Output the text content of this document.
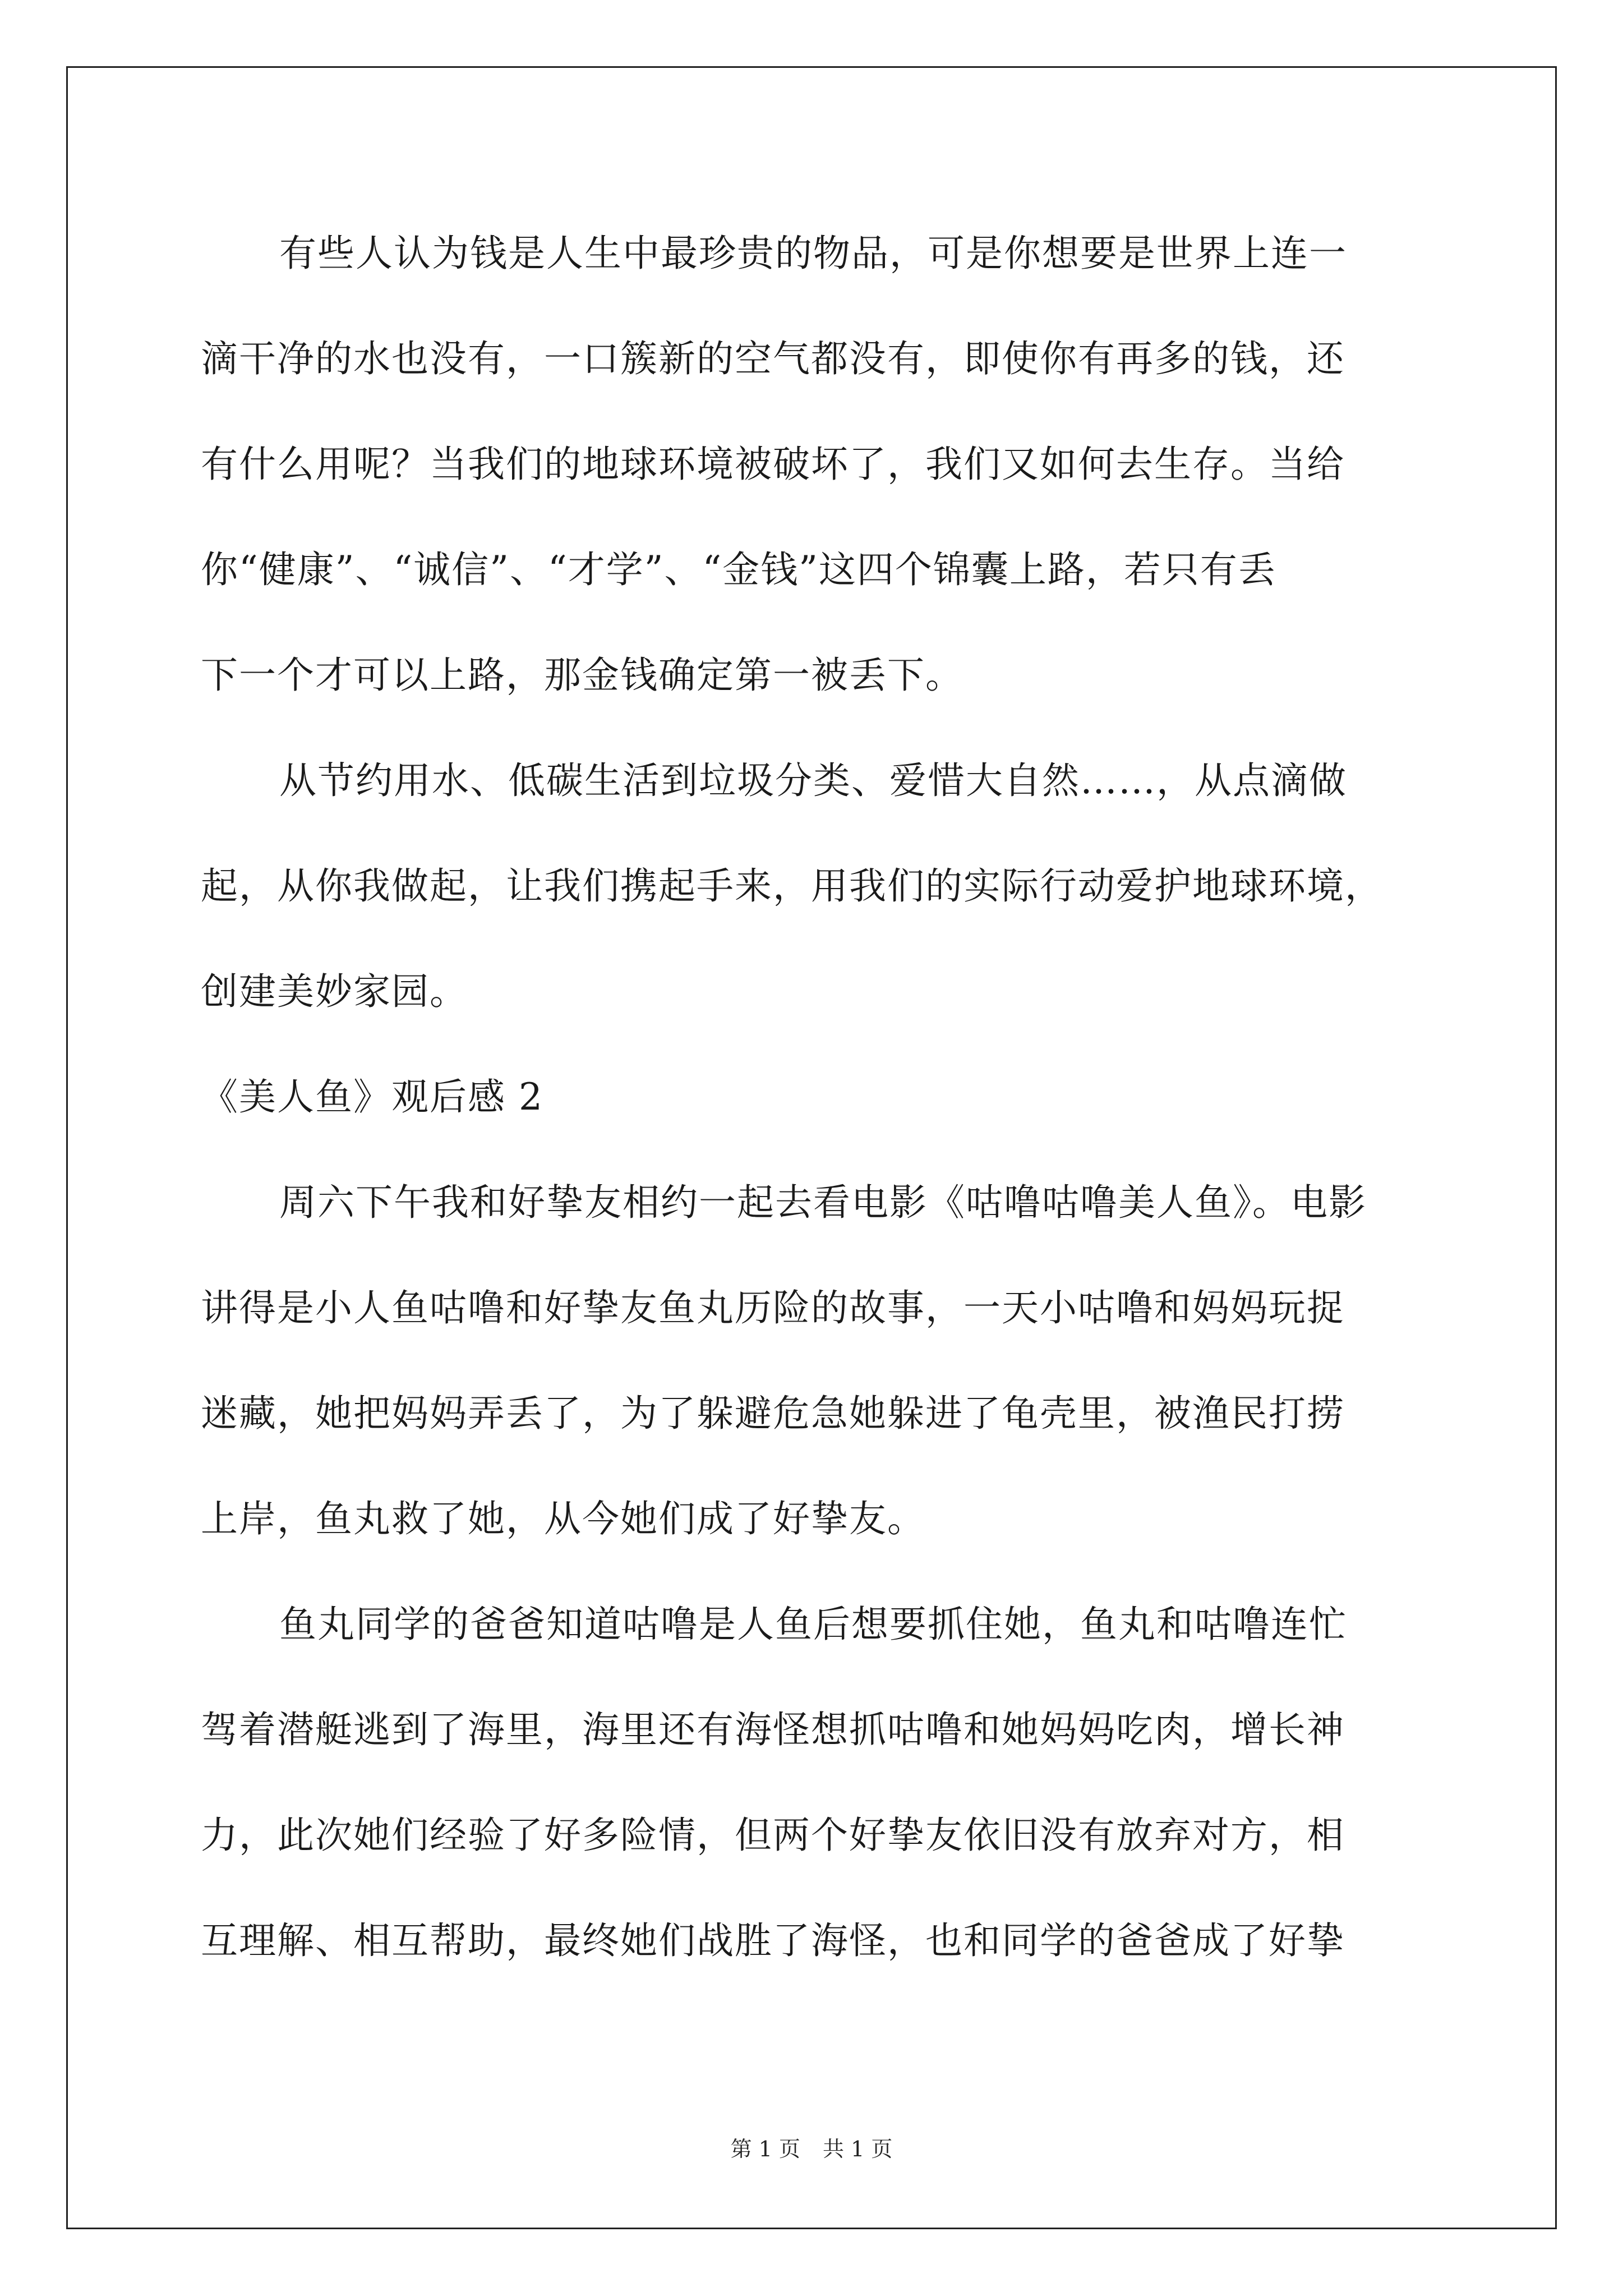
有些人认为钱是人生中最珍贵的物品，可是你想要是世界上连一
滴干净的水也没有，一口簇新的空气都没有，即使你有再多的钱，还
有什么用呢？当我们的地球环境被破坏了，我们又如何去生存。当给
你“健康”、“诚信”、“才学”、“金钱”这四个锦囊上路，若只有丢
下一个才可以上路，那金钱确定第一被丢下。
从节约用水、低碳生活到垃圾分类、爱惜大自然……，从点滴做
起，从你我做起，让我们携起手来，用我们的实际行动爱护地球环境，
创建美妙家园。
《美人鱼》观后感 2
周六下午我和好挚友相约一起去看电影《咕噜咕噜美人鱼》。电影
讲得是小人鱼咕噜和好挚友鱼丸历险的故事，一天小咕噜和妈妈玩捉
迷藏，她把妈妈弄丢了，为了躲避危急她躲进了龟壳里，被渔民打捞
上岸，鱼丸救了她，从今她们成了好挚友。
鱼丸同学的爸爸知道咕噜是人鱼后想要抓住她，鱼丸和咕噜连忙
驾着潜艇逃到了海里，海里还有海怪想抓咕噜和她妈妈吃肉，增长神
力，此次她们经验了好多险情，但两个好挚友依旧没有放弃对方，相
互理解、相互帮助，最终她们战胜了海怪，也和同学的爸爸成了好挚
第 1 页 共 1 页
